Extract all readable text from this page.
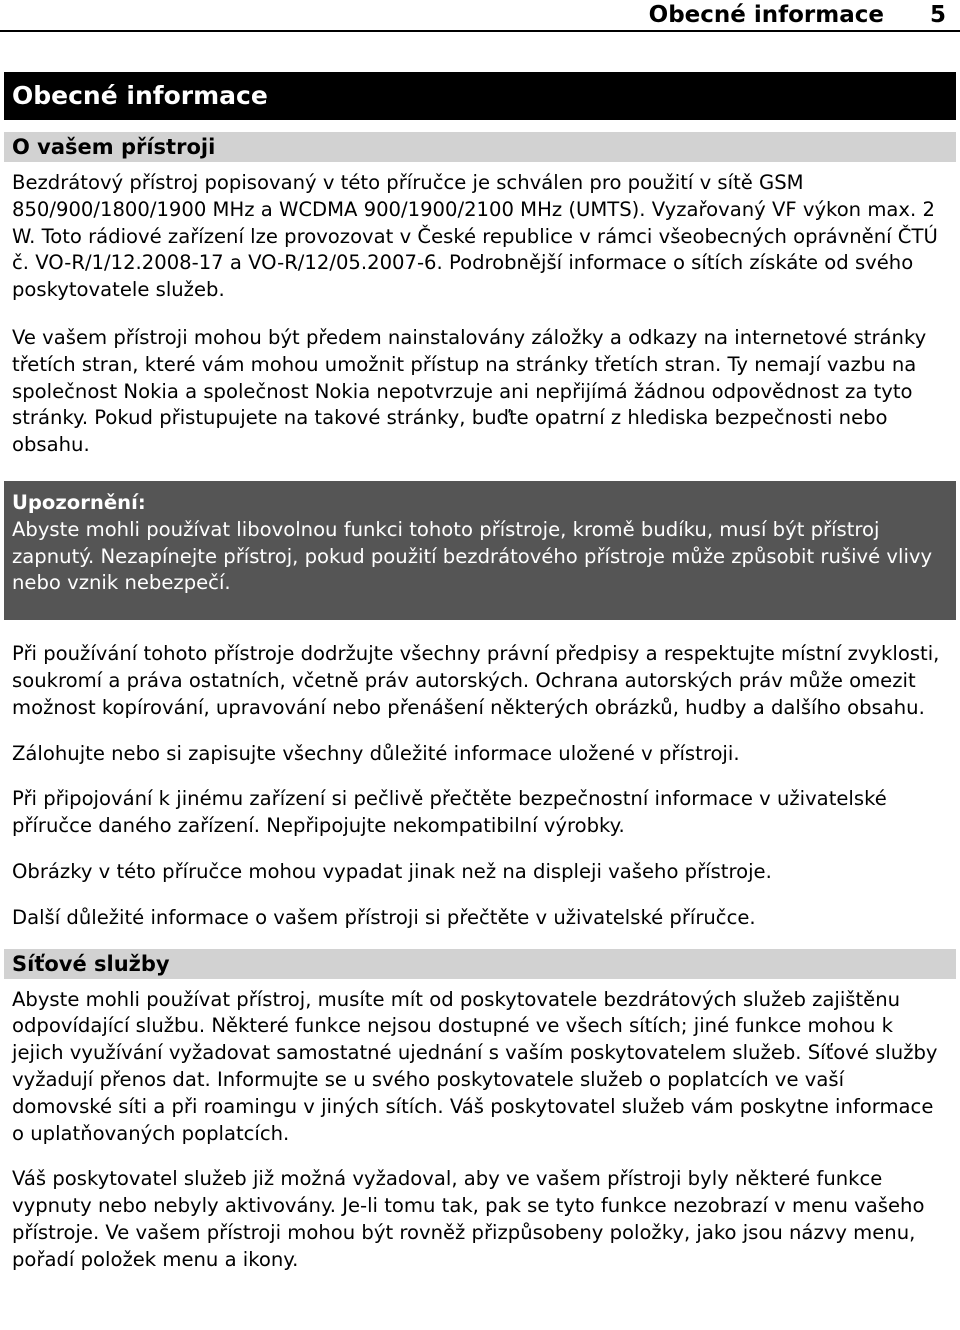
Obecné informace 5
Obecné informace
O vašem přístroji

Bezdrátový přístroj popisovaný v této příručce je schválen pro použití v sítě GSM 850/900/1800/1900 MHz a WCDMA 900/1900/2100 MHz (UMTS). Vyzařovaný VF výkon max. 2 W. Toto rádiové zařízení lze provozovat v České republice v rámci všeobecných oprávnění ČTÚ č. VO-R/1/12.2008-17 a VO-R/12/05.2007-6. Podrobnější informace o sítích získáte od svého poskytovatele služeb.

Ve vašem přístroji mohou být předem nainstalovány záložky a odkazy na internetové stránky třetích stran, které vám mohou umožnit přístup na stránky třetích stran. Ty nemají vazbu na společnost Nokia a společnost Nokia nepotvrzuje ani nepřijímá žádnou odpovědnost za tyto stránky. Pokud přistupujete na takové stránky, buďte opatrní z hlediska bezpečnosti nebo obsahu.

Upozornění:

Abyste mohli používat libovolnou funkci tohoto přístroje, kromě budíku, musí být přístroj zapnutý. Nezapínejte přístroj, pokud použití bezdrátového přístroje může způsobit rušivé vlivy nebo vznik nebezpečí.

Při používání tohoto přístroje dodržujte všechny právní předpisy a respektujte místní zvyklosti, soukromí a práva ostatních, včetně práv autorských. Ochrana autorských práv může omezit možnost kopírování, upravování nebo přenášení některých obrázků, hudby a dalšího obsahu.

Zálohujte nebo si zapisujte všechny důležité informace uložené v přístroji.

Při připojování k jinému zařízení si pečlivě přečtěte bezpečnostní informace v uživatelské příručce daného zařízení. Nepřipojujte nekompatibilní výrobky.

Obrázky v této příručce mohou vypadat jinak než na displeji vašeho přístroje.

Další důležité informace o vašem přístroji si přečtěte v uživatelské příručce.

Síťové služby

Abyste mohli používat přístroj, musíte mít od poskytovatele bezdrátových služeb zajištěnu odpovídající službu. Některé funkce nejsou dostupné ve všech sítích; jiné funkce mohou k jejich využívání vyžadovat samostatné ujednání s vaším poskytovatelem služeb. Síťové služby vyžadují přenos dat. Informujte se u svého poskytovatele služeb o poplatcích ve vaší domovské síti a při roamingu v jiných sítích. Váš poskytovatel služeb vám poskytne informace o uplatňovaných poplatcích.

Váš poskytovatel služeb již možná vyžadoval, aby ve vašem přístroji byly některé funkce vypnuty nebo nebyly aktivovány. Je-li tomu tak, pak se tyto funkce nezobrazí v menu vašeho přístroje. Ve vašem přístroji mohou být rovněž přizpůsobeny položky, jako jsou názvy menu, pořadí položek menu a ikony.
